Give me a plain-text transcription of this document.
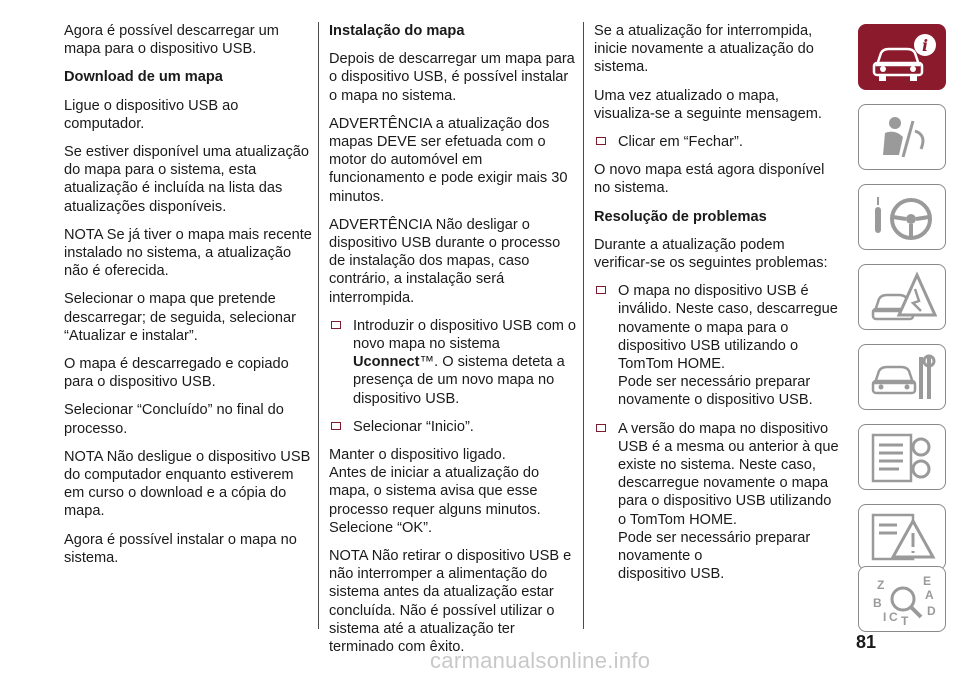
Agora é possível descarregar um mapa para o dispositivo USB.

Download de um mapa

Ligue o dispositivo USB ao computador.

Se estiver disponível uma atualização do mapa para o sistema, esta atualização é incluída na lista das atualizações disponíveis.

NOTA Se já tiver o mapa mais recente instalado no sistema, a atualização não é oferecida.

Selecionar o mapa que pretende descarregar; de seguida, selecionar “Atualizar e instalar”.

O mapa é descarregado e copiado para o dispositivo USB.

Selecionar “Concluído” no final do processo.

NOTA Não desligue o dispositivo USB do computador enquanto estiverem em curso o download e a cópia do mapa.

Agora é possível instalar o mapa no sistema.

Instalação do mapa

Depois de descarregar um mapa para o dispositivo USB, é possível instalar o mapa no sistema.

ADVERTÊNCIA a atualização dos mapas DEVE ser efetuada com o motor do automóvel em funcionamento e pode exigir mais 30 minutos.

ADVERTÊNCIA Não desligar o dispositivo USB durante o processo de instalação dos mapas, caso contrário, a instalação será interrompida.

Introduzir o dispositivo USB com o novo mapa no sistema Uconnect™. O sistema deteta a presença de um novo mapa no dispositivo USB.
Selecionar “Inicio”.

Manter o dispositivo ligado.
Antes de iniciar a atualização do mapa, o sistema avisa que esse processo requer alguns minutos. Selecione “OK”.

NOTA Não retirar o dispositivo USB e não interromper a alimentação do sistema antes da atualização estar concluída. Não é possível utilizar o sistema até a atualização ter terminado com êxito.

Se a atualização for interrompida, inicie novamente a atualização do sistema.

Uma vez atualizado o mapa, visualiza-se a seguinte mensagem.

Clicar em “Fechar”.

O novo mapa está agora disponível no sistema.

Resolução de problemas

Durante a atualização podem verificar-se os seguintes problemas:

O mapa no dispositivo USB é inválido. Neste caso, descarregue novamente o mapa para o dispositivo USB utilizando o TomTom HOME.
Pode ser necessário preparar novamente o dispositivo USB.
A versão do mapa no dispositivo USB é a mesma ou anterior à que existe no sistema. Neste caso, descarregue novamente o mapa para o dispositivo USB utilizando o TomTom HOME.
Pode ser necessário preparar novamente o
dispositivo USB.
i
Z	E
A
B
C D
I T
81
carmanualsonline.info
